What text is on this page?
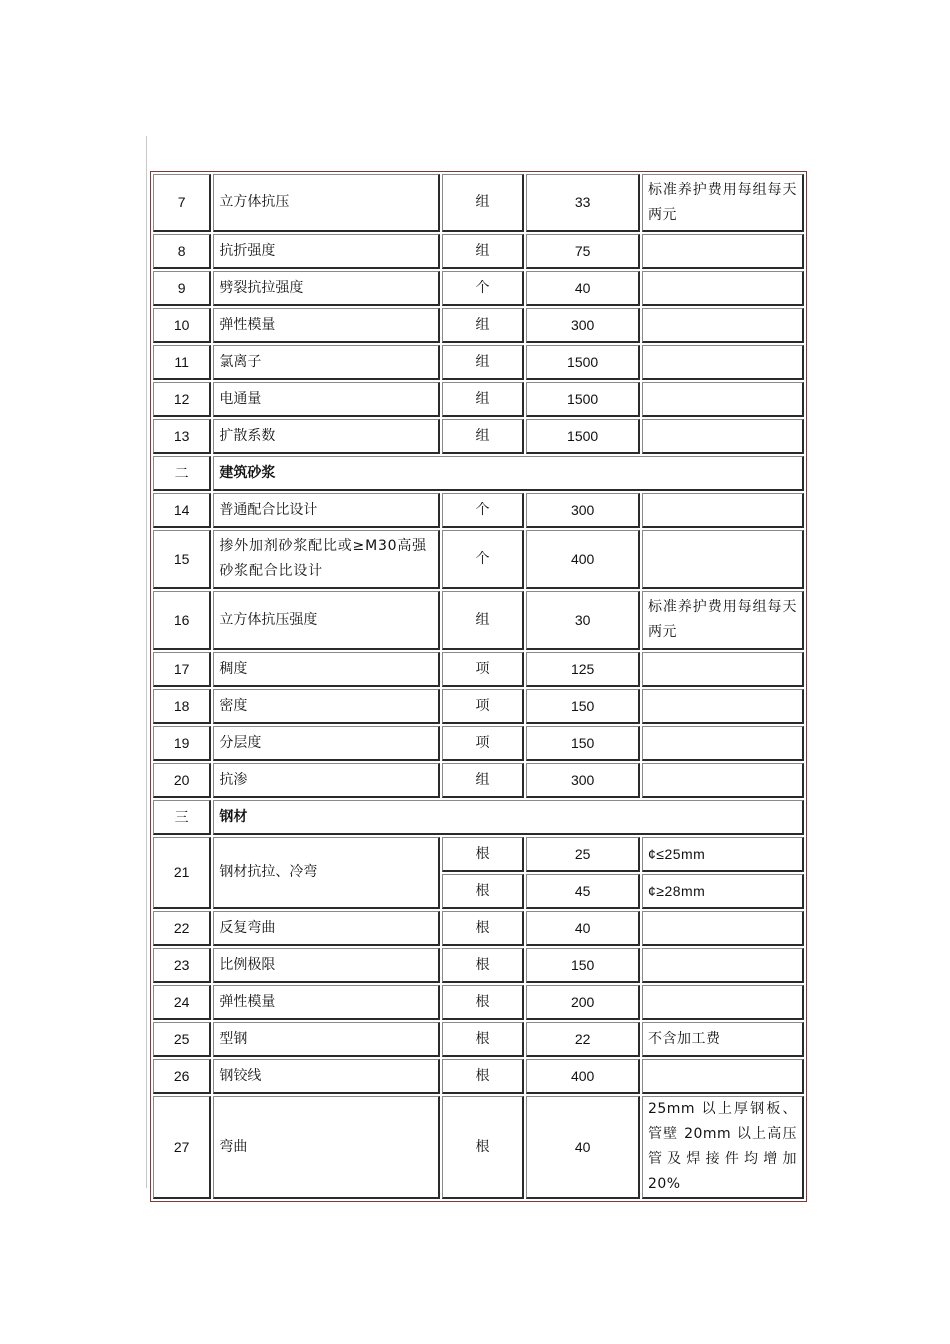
7	立方体抗压	组	33	标准养护费用每组每天两元
8	抗折强度	组	75	
9	劈裂抗拉强度	个	40	
10	弹性模量	组	300	
11	氯离子	组	1500	
12	电通量	组	1500	
13	扩散系数	组	1500	
二	建筑砂浆			
14	普通配合比设计	个	300	
15	掺外加剂砂浆配比或≥M30高强砂浆配合比设计	个	400	
16	立方体抗压强度	组	30	标准养护费用每组每天两元
17	稠度	项	125	
18	密度	项	150	
19	分层度	项	150	
20	抗渗	组	300	
三	钢材			
21	钢材抗拉、冷弯	根	25	¢≤25mm
		根	45	¢≥28mm
22	反复弯曲	根	40	
23	比例极限	根	150	
24	弹性模量	根	200	
25	型钢	根	22	不含加工费
26	钢铰线	根	400	
27	弯曲	根	40	25mm 以上厚钢板、管壁 20mm 以上高压管及焊接件均增加 20%
